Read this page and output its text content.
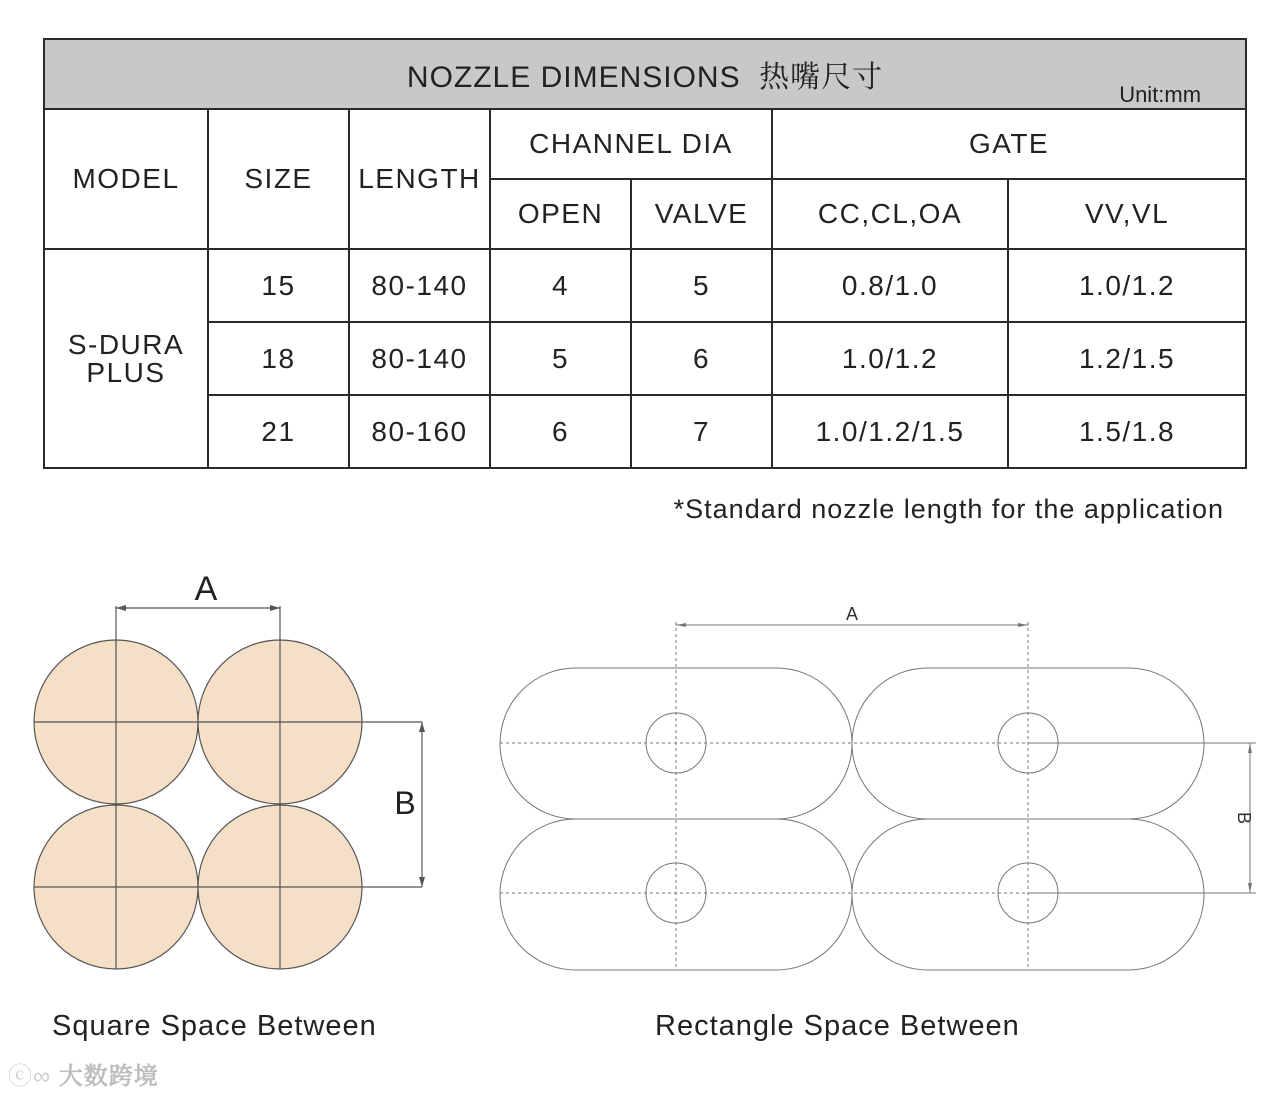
NOZZLE DIMENSIONS 热嘴尺寸
Unit:mm						

MODEL	SIZE	LENGTH	CHANNEL DIA		GATE	
			OPEN	VALVE	CC,CL,OA	VV,VL

S-DURA
PLUS	15	80-140	4	5	0.8/1.0	1.0/1.2
	18	80-140	5	6	1.0/1.2	1.2/1.5
	21	80-160	6	7	1.0/1.2/1.5	1.5/1.8
*Standard nozzle length for the application
A
B
A
B
Square Space Between	Rectangle Space Between
ⓒ∞ 大数跨境
